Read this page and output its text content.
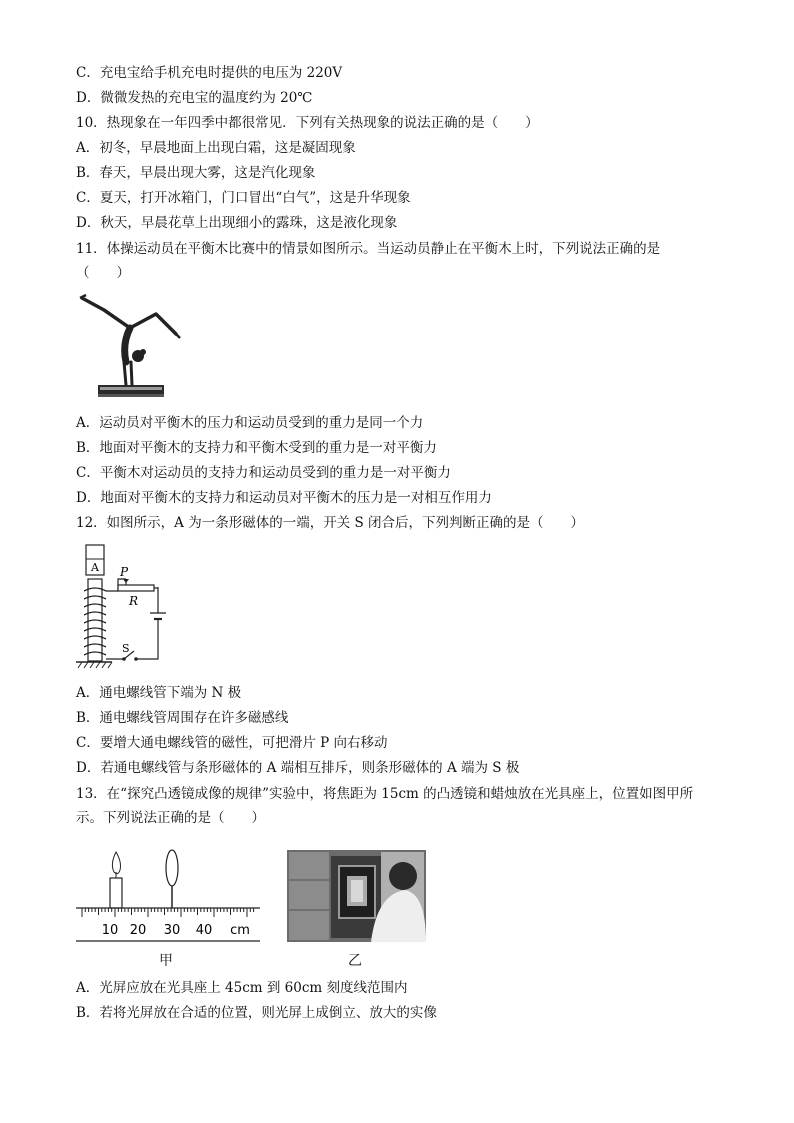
C．充电宝给手机充电时提供的电压为 220V
D．微微发热的充电宝的温度约为 20℃
10．热现象在一年四季中都很常见．下列有关热现象的说法正确的是（　　）
A．初冬，早晨地面上出现白霜，这是凝固现象
B．春天，早晨出现大雾，这是汽化现象
C．夏天，打开冰箱门，门口冒出“白气”，这是升华现象
D．秋天，早晨花草上出现细小的露珠，这是液化现象
11．体操运动员在平衡木比赛中的情景如图所示。当运动员静止在平衡木上时，下列说法正确的是
（　　）
A．运动员对平衡木的压力和运动员受到的重力是同一个力
B．地面对平衡木的支持力和平衡木受到的重力是一对平衡力
C．平衡木对运动员的支持力和运动员受到的重力是一对平衡力
D．地面对平衡木的支持力和运动员对平衡木的压力是一对相互作用力
12．如图所示，A 为一条形磁体的一端，开关 S 闭合后，下列判断正确的是（　　）
A P
R
S
A．通电螺线管下端为 N 极
B．通电螺线管周围存在许多磁感线
C．要增大通电螺线管的磁性，可把滑片 P 向右移动
D．若通电螺线管与条形磁体的 A 端相互排斥，则条形磁体的 A 端为 S 极
13．在“探究凸透镜成像的规律”实验中，将焦距为 15cm 的凸透镜和蜡烛放在光具座上，位置如图甲所
示。下列说法正确的是（　　）
10 20 30 40 cm
甲	乙
A．光屏应放在光具座上 45cm 到 60cm 刻度线范围内
B．若将光屏放在合适的位置，则光屏上成倒立、放大的实像
